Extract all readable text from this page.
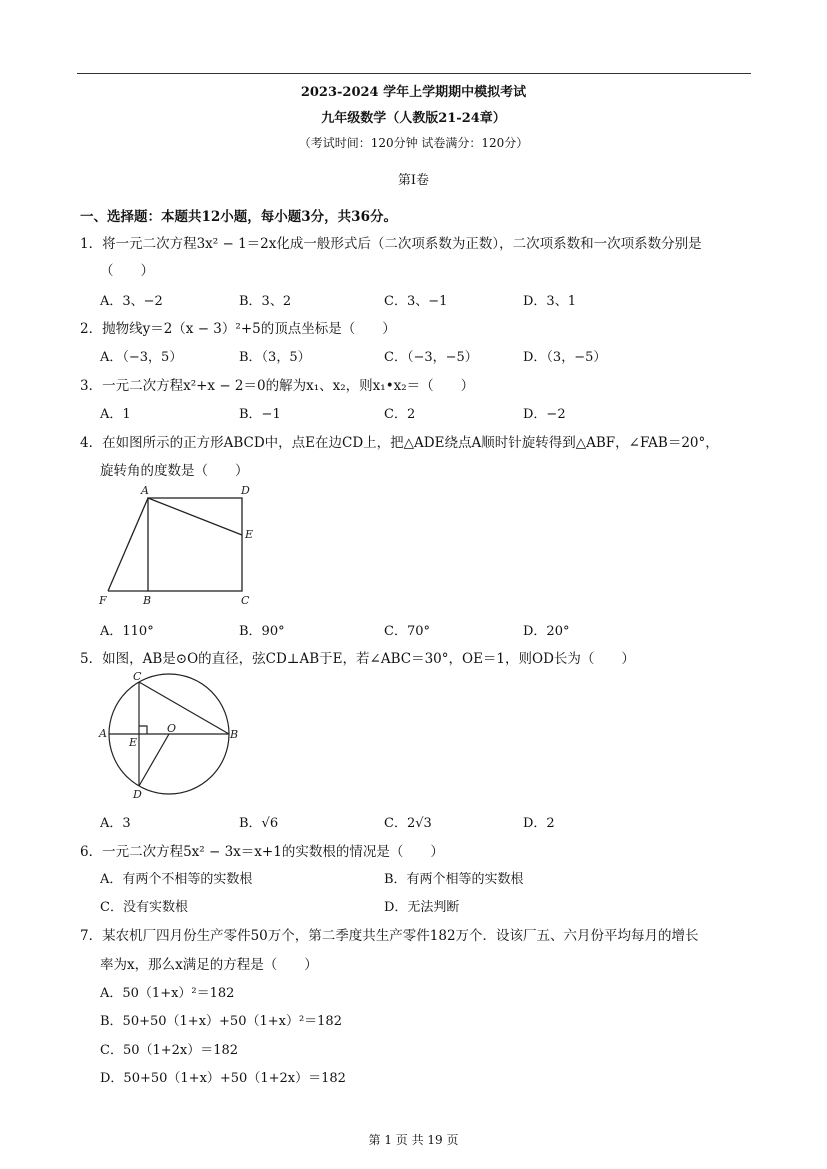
2023-2024 学年上学期期中模拟考试
九年级数学（人教版21-24章）
（考试时间：120分钟 试卷满分：120分）
第I卷
一、选择题：本题共12小题，每小题3分，共36分。
1．将一元二次方程3x² − 1＝2x化成一般形式后（二次项系数为正数），二次项系数和一次项系数分别是
（　　）
A．3、−2	B．3、2	C．3、−1	D．3、1
2．抛物线y＝2（x − 3）²+5的顶点坐标是（　　）
A．（−3，5）	B．（3，5）	C．（−3，−5）	D．（3，−5）
3．一元二次方程x²+x − 2＝0的解为x₁、x₂，则x₁•x₂＝（　　）
A．1	B．−1	C．2	D．−2
4．在如图所示的正方形ABCD中，点E在边CD上，把△ADE绕点A顺时针旋转得到△ABF，∠FAB＝20°，
旋转角的度数是（　　）
A	D
E
C
B
F
A．110°	B．90°	C．70°	D．20°
5．如图，AB是⊙O的直径，弦CD⊥AB于E，若∠ABC＝30°，OE＝1，则OD长为（　　）
C
A
E
O	B
D
A．3	B．√6	C．2√3	D．2
6．一元二次方程5x² − 3x＝x+1的实数根的情况是（　　）
A．有两个不相等的实数根	B．有两个相等的实数根
C．没有实数根	D．无法判断
7．某农机厂四月份生产零件50万个，第二季度共生产零件182万个．设该厂五、六月份平均每月的增长
率为x，那么x满足的方程是（　　）
A．50（1+x）²＝182
B．50+50（1+x）+50（1+x）²＝182
C．50（1+2x）＝182
D．50+50（1+x）+50（1+2x）＝182
第 1 页 共 19 页
